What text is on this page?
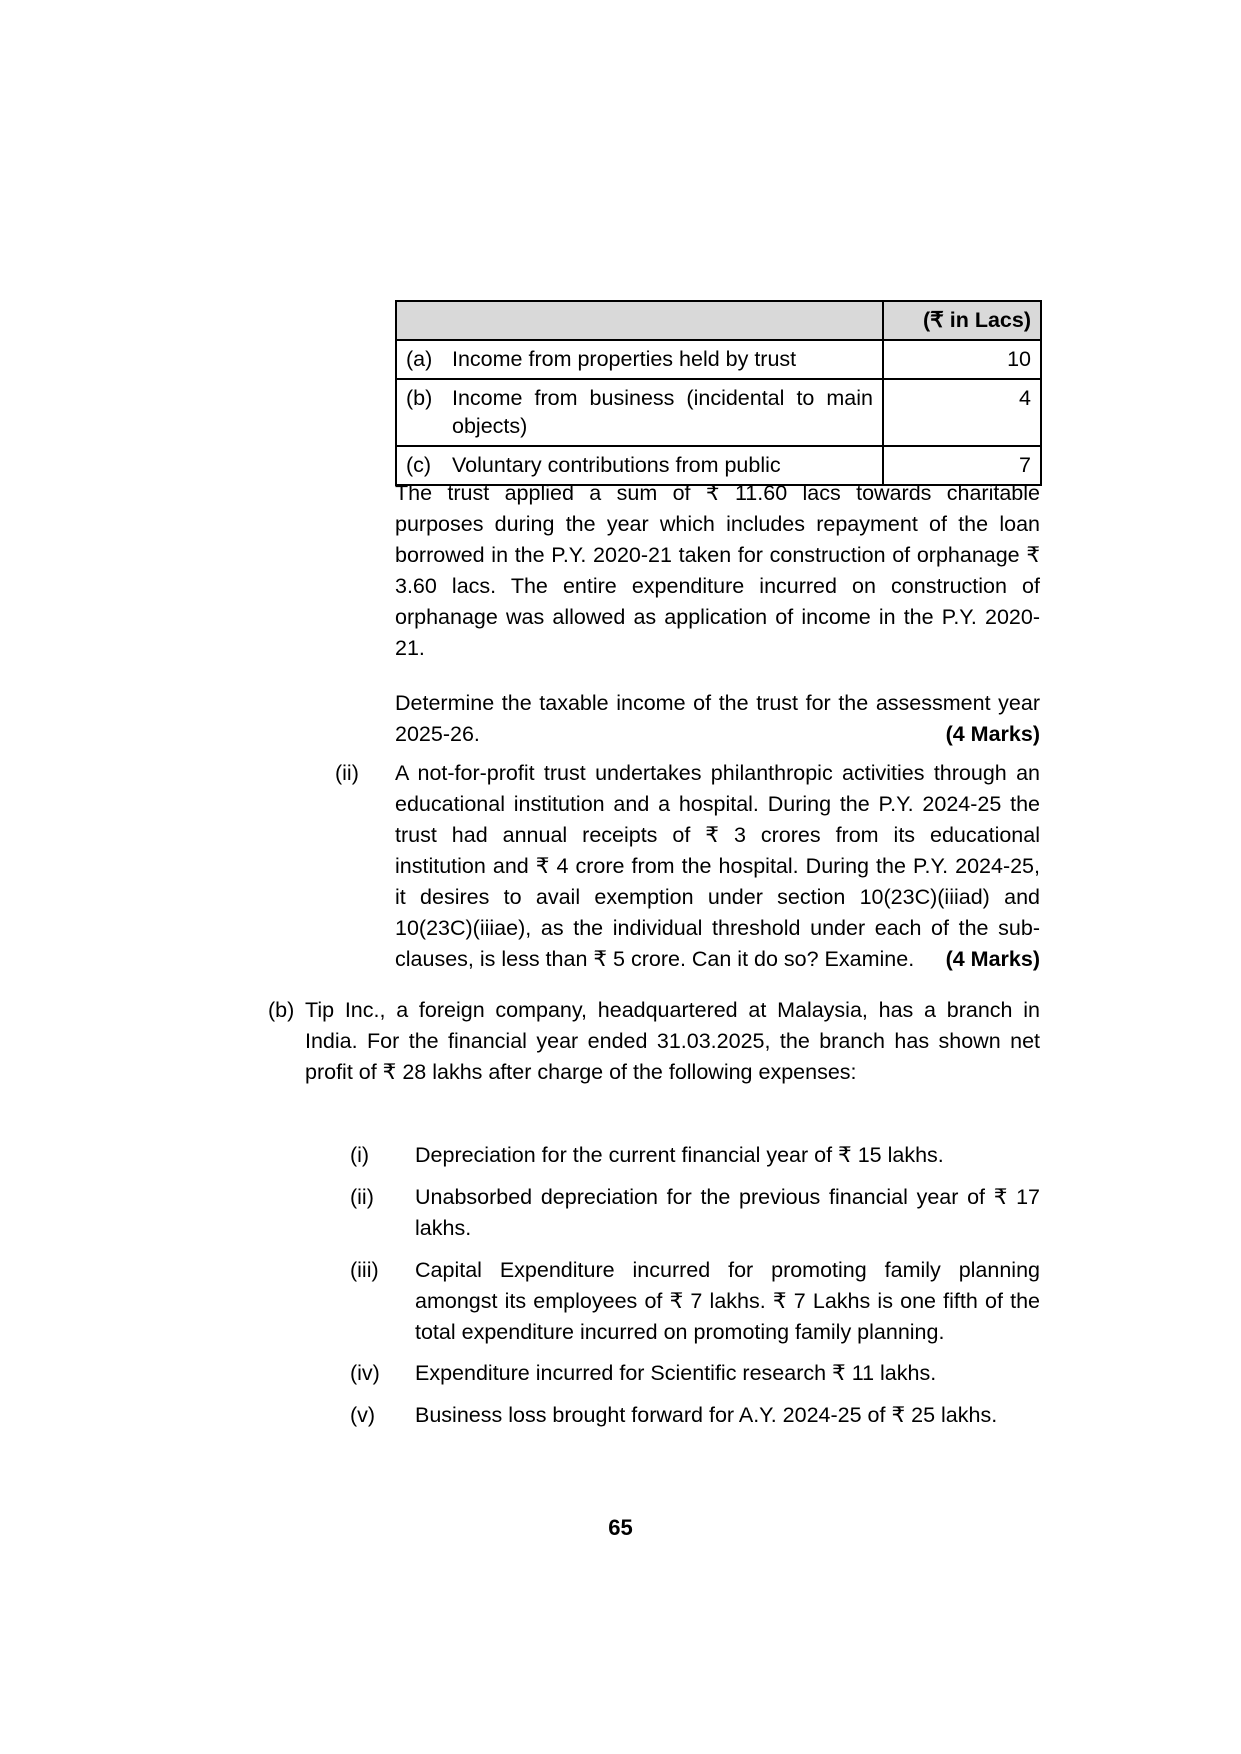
	(₹ in Lacs)

(a) Income from properties held by trust	10

(b) Income from business (incidental to main objects)	4

(c) Voluntary contributions from public	7
The trust applied a sum of ₹ 11.60 lacs towards charitable purposes during the year which includes repayment of the loan borrowed in the P.Y. 2020-21 taken for construction of orphanage ₹ 3.60 lacs. The entire expenditure incurred on construction of orphanage was allowed as application of income in the P.Y. 2020-21.
Determine the taxable income of the trust for the assessment year 2025-26.	(4 Marks)
(ii)	A not-for-profit trust undertakes philanthropic activities through an educational institution and a hospital. During the P.Y. 2024-25 the trust had annual receipts of ₹ 3 crores from its educational institution and ₹ 4 crore from the hospital. During the P.Y. 2024-25, it desires to avail exemption under section 10(23C)(iiiad) and 10(23C)(iiiae), as the individual threshold under each of the sub-clauses, is less than ₹ 5 crore. Can it do so? Examine. (4 Marks)
(b) Tip Inc., a foreign company, headquartered at Malaysia, has a branch in India. For the financial year ended 31.03.2025, the branch has shown net profit of ₹ 28 lakhs after charge of the following expenses:
(i)	Depreciation for the current financial year of ₹ 15 lakhs.
(ii)	Unabsorbed depreciation for the previous financial year of ₹ 17 lakhs.
(iii)	Capital Expenditure incurred for promoting family planning amongst its employees of ₹ 7 lakhs. ₹ 7 Lakhs is one fifth of the total expenditure incurred on promoting family planning.
(iv)	Expenditure incurred for Scientific research ₹ 11 lakhs.
(v)	Business loss brought forward for A.Y. 2024-25 of ₹ 25 lakhs.
65
